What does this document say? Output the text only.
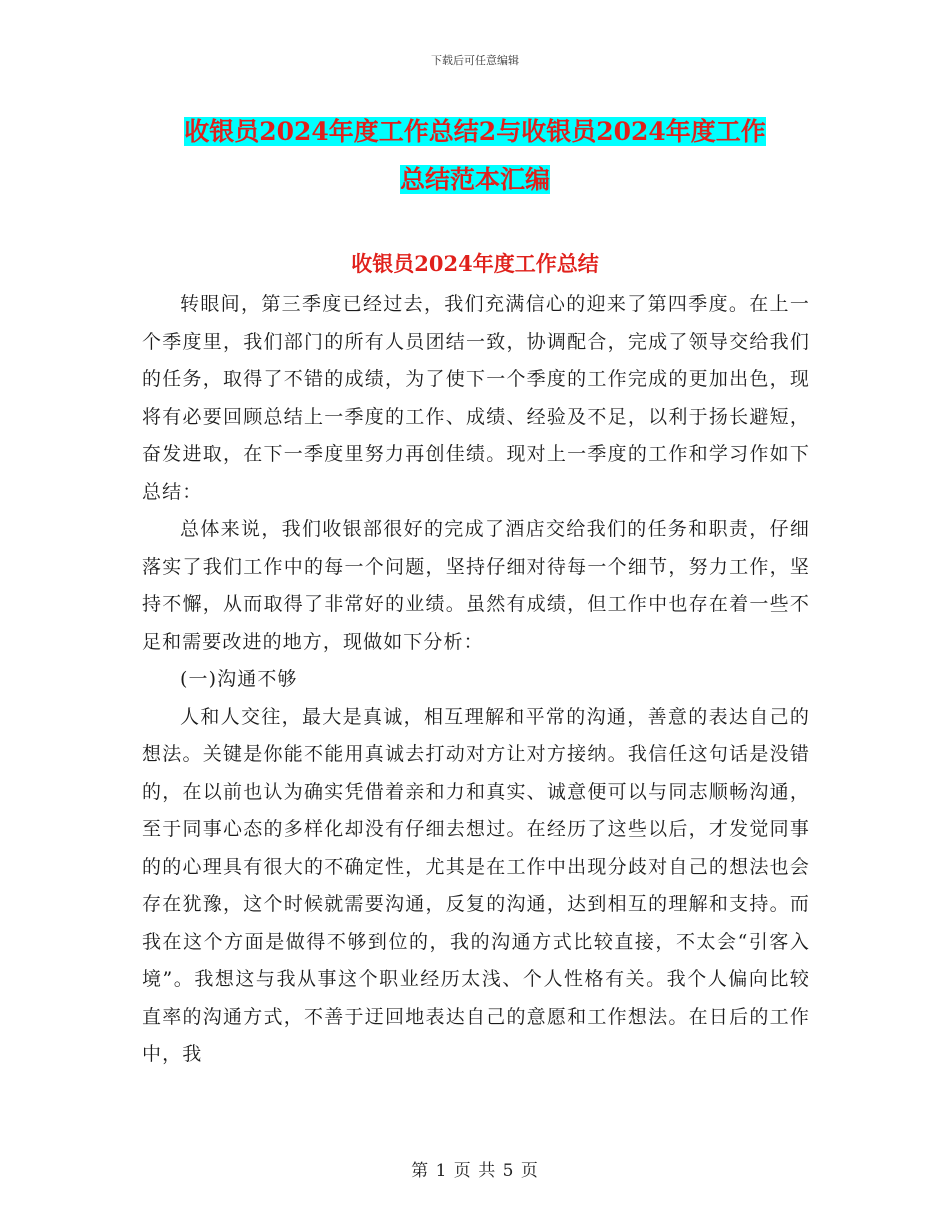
下载后可任意编辑
收银员2024年度工作总结2与收银员2024年度工作
总结范本汇编
收银员2024年度工作总结

转眼间，第三季度已经过去，我们充满信心的迎来了第四季度。在上一个季度里，我们部门的所有人员团结一致，协调配合，完成了领导交给我们的任务，取得了不错的成绩，为了使下一个季度的工作完成的更加出色，现将有必要回顾总结上一季度的工作、成绩、经验及不足，以利于扬长避短，奋发进取，在下一季度里努力再创佳绩。现对上一季度的工作和学习作如下总结：

总体来说，我们收银部很好的完成了酒店交给我们的任务和职责，仔细落实了我们工作中的每一个问题，坚持仔细对待每一个细节，努力工作，坚持不懈，从而取得了非常好的业绩。虽然有成绩，但工作中也存在着一些不足和需要改进的地方，现做如下分析：

(一)沟通不够

人和人交往，最大是真诚，相互理解和平常的沟通，善意的表达自己的想法。关键是你能不能用真诚去打动对方让对方接纳。我信任这句话是没错的，在以前也认为确实凭借着亲和力和真实、诚意便可以与同志顺畅沟通，至于同事心态的多样化却没有仔细去想过。在经历了这些以后，才发觉同事的的心理具有很大的不确定性，尤其是在工作中出现分歧对自己的想法也会存在犹豫，这个时候就需要沟通，反复的沟通，达到相互的理解和支持。而我在这个方面是做得不够到位的，我的沟通方式比较直接，不太会“引客入境”。我想这与我从事这个职业经历太浅、个人性格有关。我个人偏向比较直率的沟通方式，不善于迂回地表达自己的意愿和工作想法。在日后的工作中，我

第 1 页 共 5 页
